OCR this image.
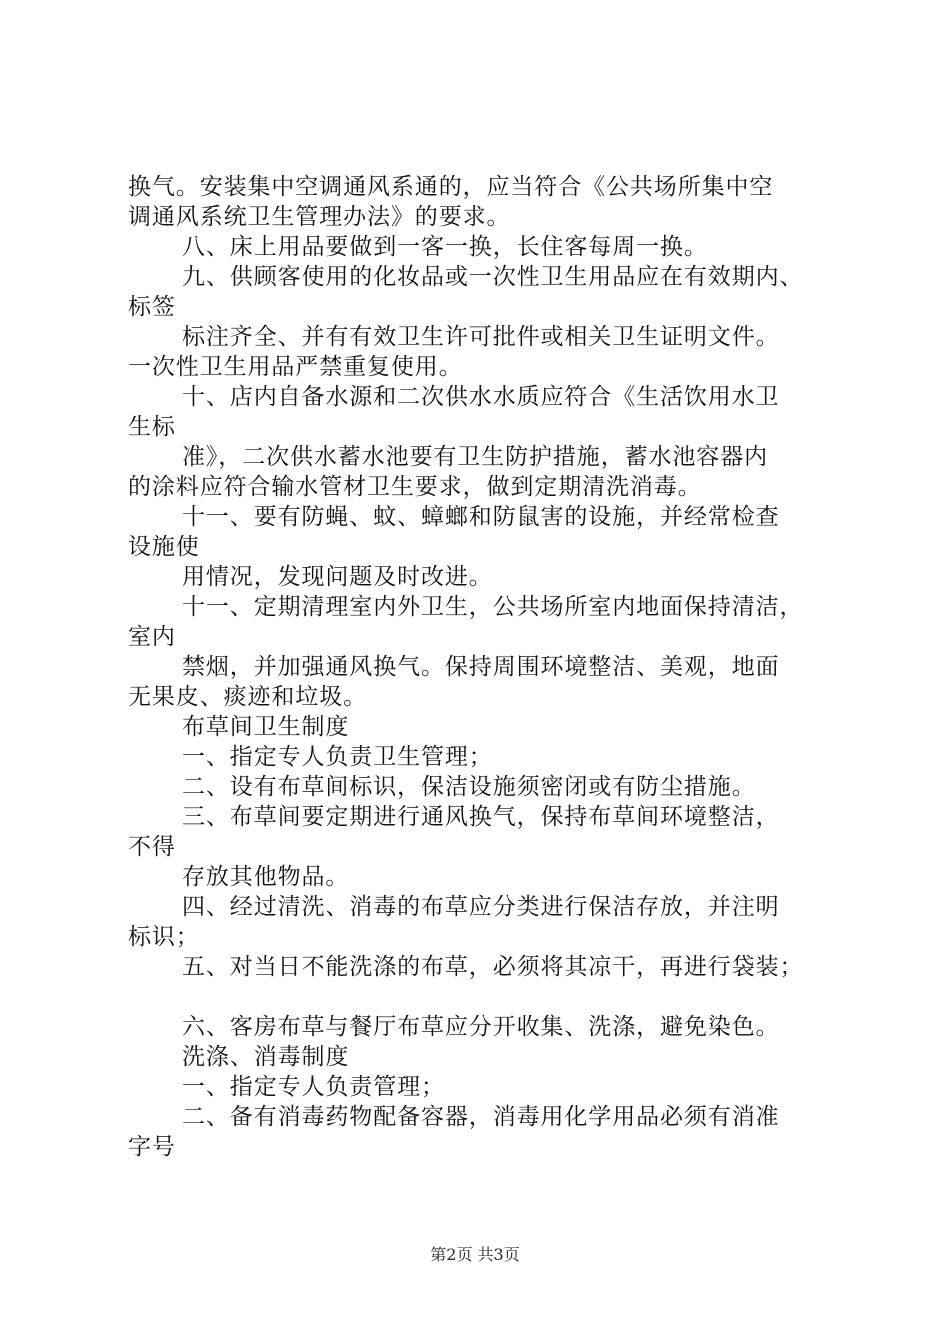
换气。安装集中空调通风系通的，应当符合《公共场所集中空
调通风系统卫生管理办法》的要求。
八、床上用品要做到一客一换，长住客每周一换。
九、供顾客使用的化妆品或一次性卫生用品应在有效期内、
标签
标注齐全、并有有效卫生许可批件或相关卫生证明文件。
一次性卫生用品严禁重复使用。
十、店内自备水源和二次供水水质应符合《生活饮用水卫
生标
准》，二次供水蓄水池要有卫生防护措施，蓄水池容器内
的涂料应符合输水管材卫生要求，做到定期清洗消毒。
十一、要有防蝇、蚊、蟑螂和防鼠害的设施，并经常检查
设施使
用情况，发现问题及时改进。
十一、定期清理室内外卫生，公共场所室内地面保持清洁，
室内
禁烟，并加强通风换气。保持周围环境整洁、美观，地面
无果皮、痰迹和垃圾。
布草间卫生制度
一、指定专人负责卫生管理；
二、设有布草间标识，保洁设施须密闭或有防尘措施。
三、布草间要定期进行通风换气，保持布草间环境整洁，
不得
存放其他物品。
四、经过清洗、消毒的布草应分类进行保洁存放，并注明
标识；
五、对当日不能洗涤的布草，必须将其凉干，再进行袋装；
六、客房布草与餐厅布草应分开收集、洗涤，避免染色。
洗涤、消毒制度
一、指定专人负责管理；
二、备有消毒药物配备容器，消毒用化学用品必须有消准
字号
第2页 共3页
